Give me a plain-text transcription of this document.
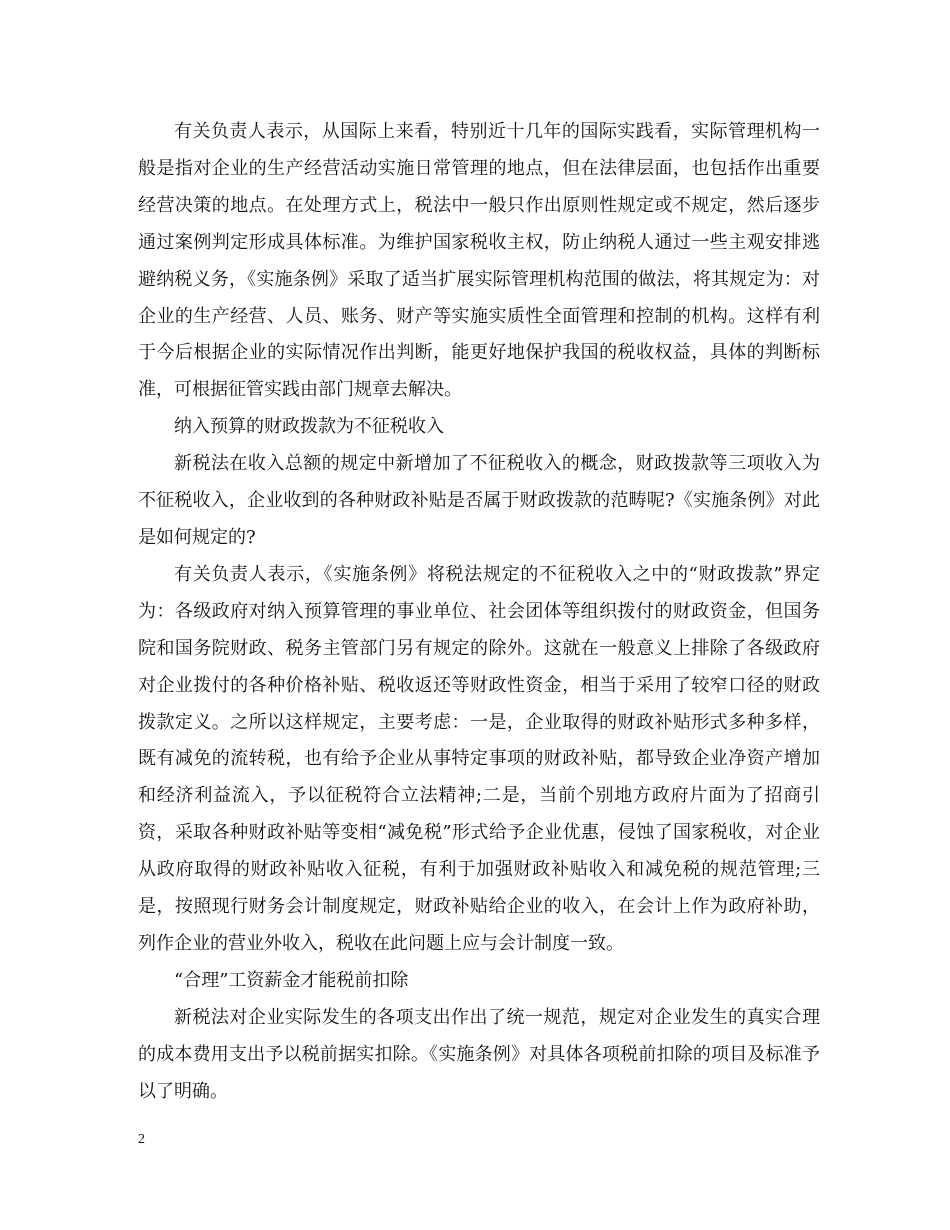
有关负责人表示，从国际上来看，特别近十几年的国际实践看，实际管理机构一般是指对企业的生产经营活动实施日常管理的地点，但在法律层面，也包括作出重要经营决策的地点。在处理方式上，税法中一般只作出原则性规定或不规定，然后逐步通过案例判定形成具体标准。为维护国家税收主权，防止纳税人通过一些主观安排逃避纳税义务，《实施条例》采取了适当扩展实际管理机构范围的做法，将其规定为：对企业的生产经营、人员、账务、财产等实施实质性全面管理和控制的机构。这样有利于今后根据企业的实际情况作出判断，能更好地保护我国的税收权益，具体的判断标准，可根据征管实践由部门规章去解决。

纳入预算的财政拨款为不征税收入

新税法在收入总额的规定中新增加了不征税收入的概念，财政拨款等三项收入为不征税收入，企业收到的各种财政补贴是否属于财政拨款的范畴呢?《实施条例》对此是如何规定的?

有关负责人表示，《实施条例》将税法规定的不征税收入之中的“财政拨款”界定为：各级政府对纳入预算管理的事业单位、社会团体等组织拨付的财政资金，但国务院和国务院财政、税务主管部门另有规定的除外。这就在一般意义上排除了各级政府对企业拨付的各种价格补贴、税收返还等财政性资金，相当于采用了较窄口径的财政拨款定义。之所以这样规定，主要考虑：一是，企业取得的财政补贴形式多种多样，既有减免的流转税，也有给予企业从事特定事项的财政补贴，都导致企业净资产增加和经济利益流入，予以征税符合立法精神;二是，当前个别地方政府片面为了招商引资，采取各种财政补贴等变相“减免税”形式给予企业优惠，侵蚀了国家税收，对企业从政府取得的财政补贴收入征税，有利于加强财政补贴收入和减免税的规范管理;三是，按照现行财务会计制度规定，财政补贴给企业的收入，在会计上作为政府补助，列作企业的营业外收入，税收在此问题上应与会计制度一致。

“合理”工资薪金才能税前扣除

新税法对企业实际发生的各项支出作出了统一规范，规定对企业发生的真实合理的成本费用支出予以税前据实扣除。《实施条例》对具体各项税前扣除的项目及标准予以了明确。

2
